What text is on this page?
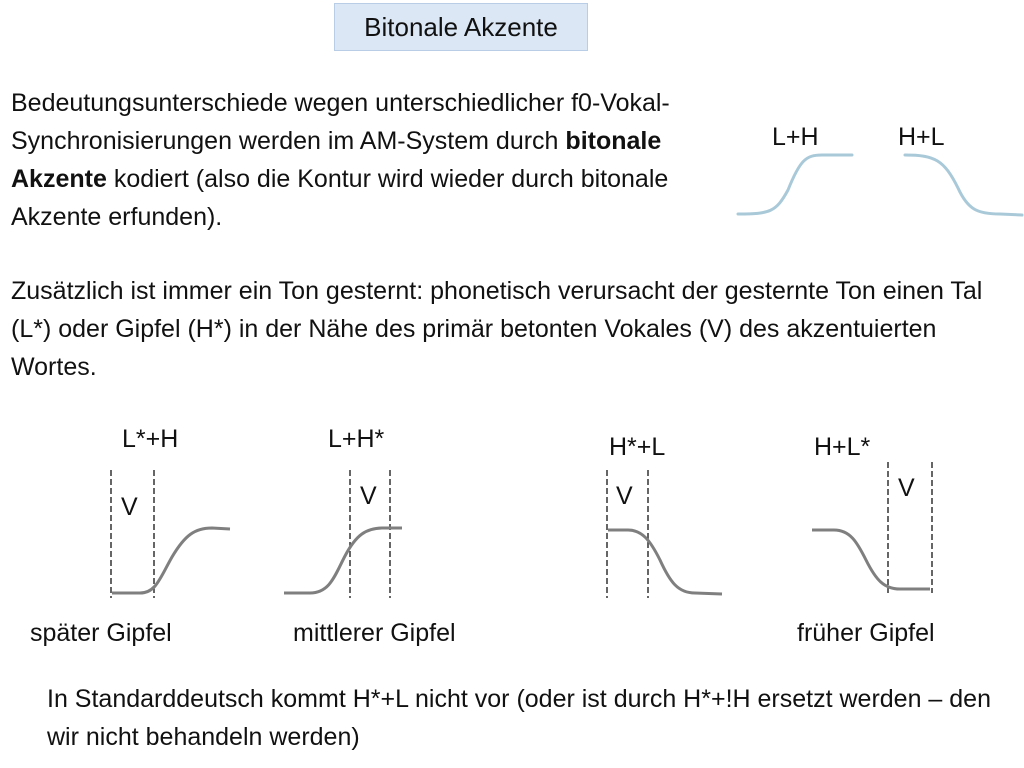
Bitonale Akzente
Bedeutungsunterschiede wegen unterschiedlicher f0-Vokal-Synchronisierungen werden im AM-System durch bitonale Akzente kodiert (also die Kontur wird wieder durch bitonale Akzente erfunden).
L+H	H+L
Zusätzlich ist immer ein Ton gesternt: phonetisch verursacht der gesternte Ton einen Tal (L*) oder Gipfel (H*) in der Nähe des primär betonten Vokales (V) des akzentuierten Wortes.
L*+H	L+H*	H*+L	H+L*
V	V	V	V
später Gipfel	mittlerer Gipfel	früher Gipfel
In Standarddeutsch kommt H*+L nicht vor (oder ist durch H*+!H ersetzt werden – den wir nicht behandeln werden)
